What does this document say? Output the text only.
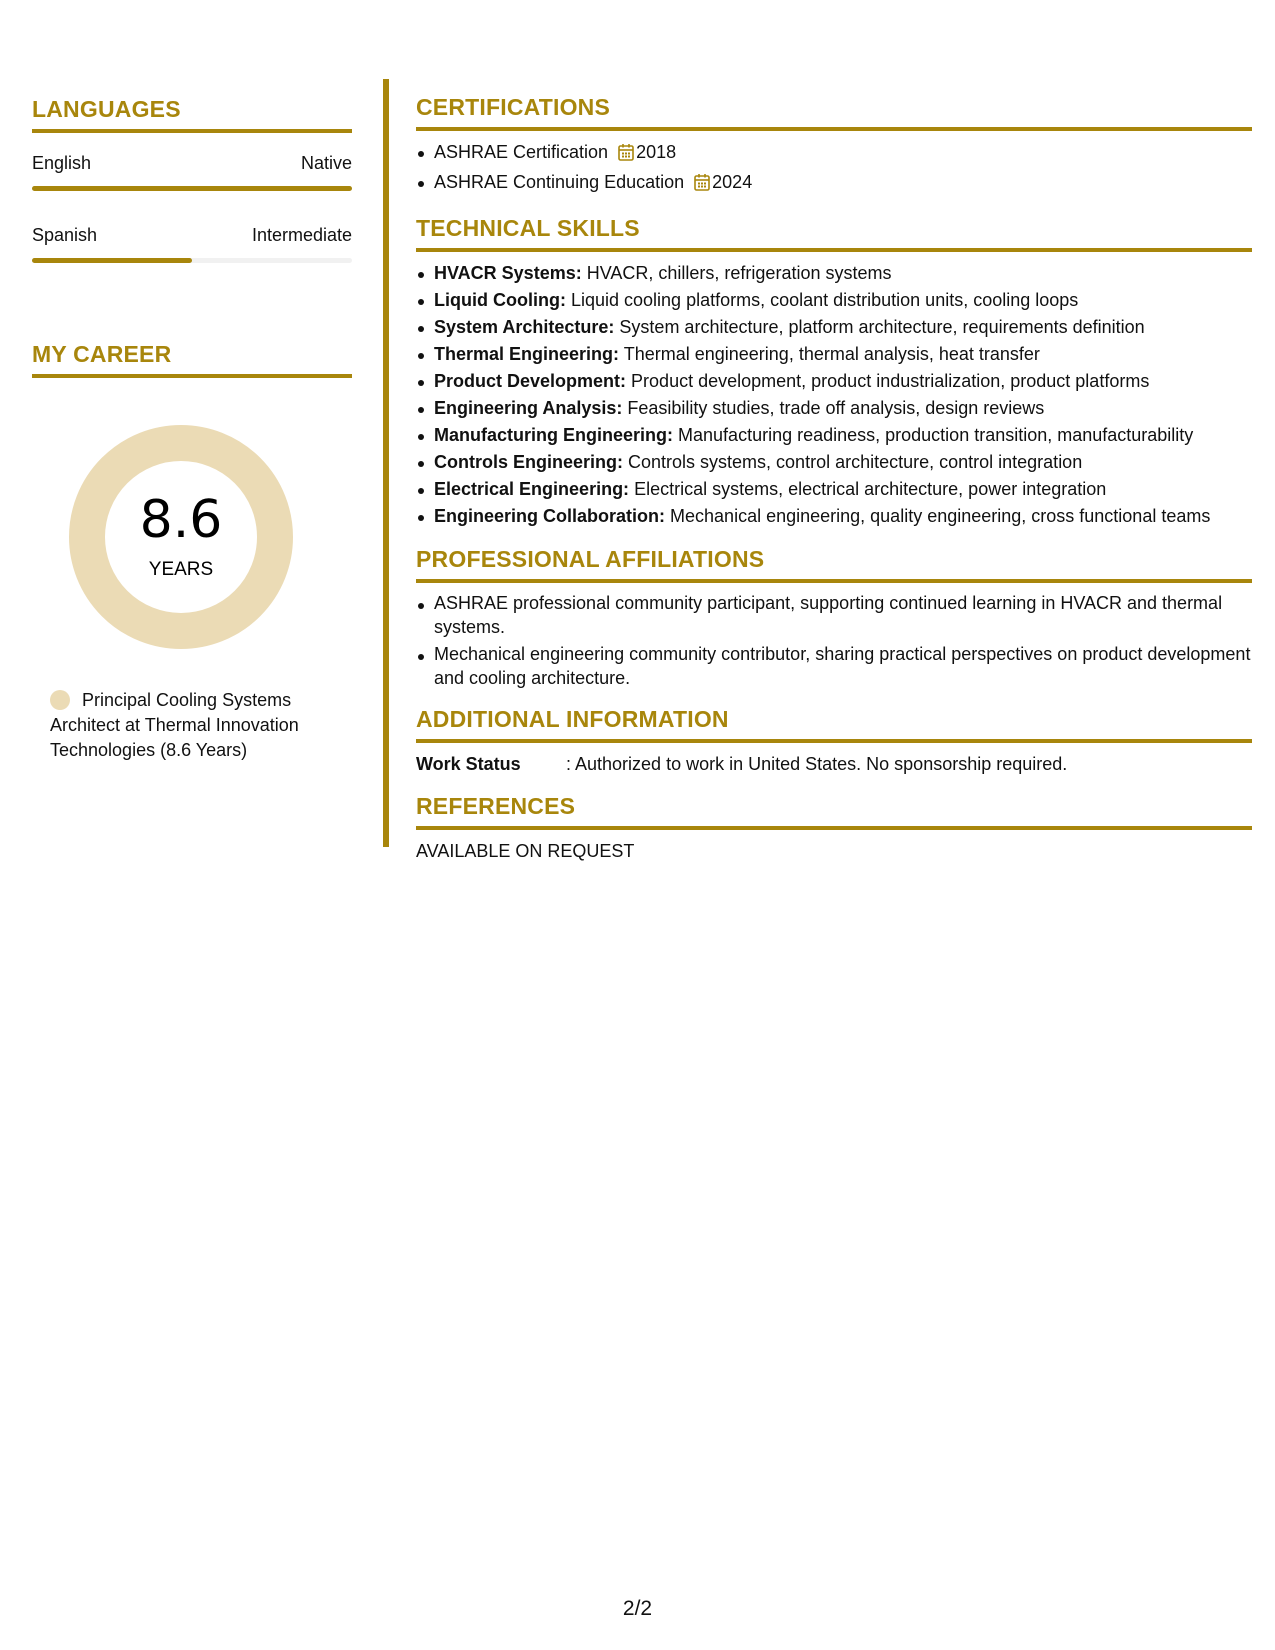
LANGUAGES
English	Native
Spanish	Intermediate
MY CAREER
8.6
YEARS
Principal Cooling Systems Architect at Thermal Innovation Technologies (8.6 Years)
CERTIFICATIONS
ASHRAE Certification 2018
ASHRAE Continuing Education 2024
TECHNICAL SKILLS
HVACR Systems: HVACR, chillers, refrigeration systems
Liquid Cooling: Liquid cooling platforms, coolant distribution units, cooling loops
System Architecture: System architecture, platform architecture, requirements definition
Thermal Engineering: Thermal engineering, thermal analysis, heat transfer
Product Development: Product development, product industrialization, product platforms
Engineering Analysis: Feasibility studies, trade off analysis, design reviews
Manufacturing Engineering: Manufacturing readiness, production transition, manufacturability
Controls Engineering: Controls systems, control architecture, control integration
Electrical Engineering: Electrical systems, electrical architecture, power integration
Engineering Collaboration: Mechanical engineering, quality engineering, cross functional teams
PROFESSIONAL AFFILIATIONS
ASHRAE professional community participant, supporting continued learning in HVACR and thermal systems.
Mechanical engineering community contributor, sharing practical perspectives on product development and cooling architecture.
ADDITIONAL INFORMATION
Work Status	: Authorized to work in United States. No sponsorship required.
REFERENCES
AVAILABLE ON REQUEST
2/2
